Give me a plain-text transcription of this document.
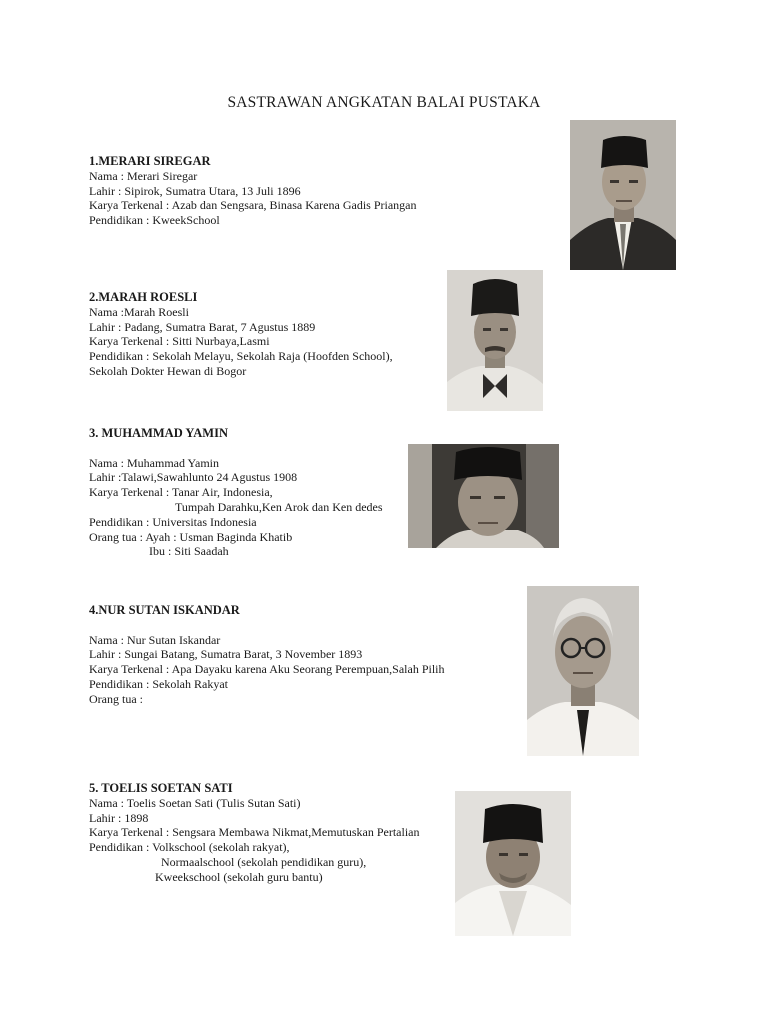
SASTRAWAN ANGKATAN BALAI PUSTAKA
1.MERARI SIREGAR
Nama : Merari Siregar
Lahir : Sipirok, Sumatra Utara, 13 Juli 1896
Karya Terkenal : Azab dan Sengsara, Binasa Karena Gadis Priangan
Pendidikan : KweekSchool
2.MARAH ROESLI
Nama :Marah Roesli
Lahir : Padang, Sumatra Barat, 7 Agustus 1889
Karya Terkenal : Sitti Nurbaya,Lasmi
Pendidikan : Sekolah Melayu, Sekolah Raja (Hoofden School),
Sekolah Dokter Hewan di Bogor
3. MUHAMMAD YAMIN
Nama : Muhammad Yamin
Lahir :Talawi,Sawahlunto 24 Agustus 1908
Karya Terkenal : Tanar Air, Indonesia,
Tumpah Darahku,Ken Arok dan Ken dedes
Pendidikan : Universitas Indonesia
Orang tua : Ayah : Usman Baginda Khatib
Ibu : Siti Saadah
4.NUR SUTAN ISKANDAR
Nama : Nur Sutan Iskandar
Lahir : Sungai Batang, Sumatra Barat, 3 November 1893
Karya Terkenal : Apa Dayaku karena Aku Seorang Perempuan,Salah Pilih
Pendidikan : Sekolah Rakyat
Orang tua :
5. TOELIS SOETAN SATI
Nama : Toelis Soetan Sati (Tulis Sutan Sati)
Lahir : 1898
Karya Terkenal : Sengsara Membawa Nikmat,Memutuskan Pertalian
Pendidikan : Volkschool (sekolah rakyat),
Normaalschool (sekolah pendidikan guru),
Kweekschool (sekolah guru bantu)
